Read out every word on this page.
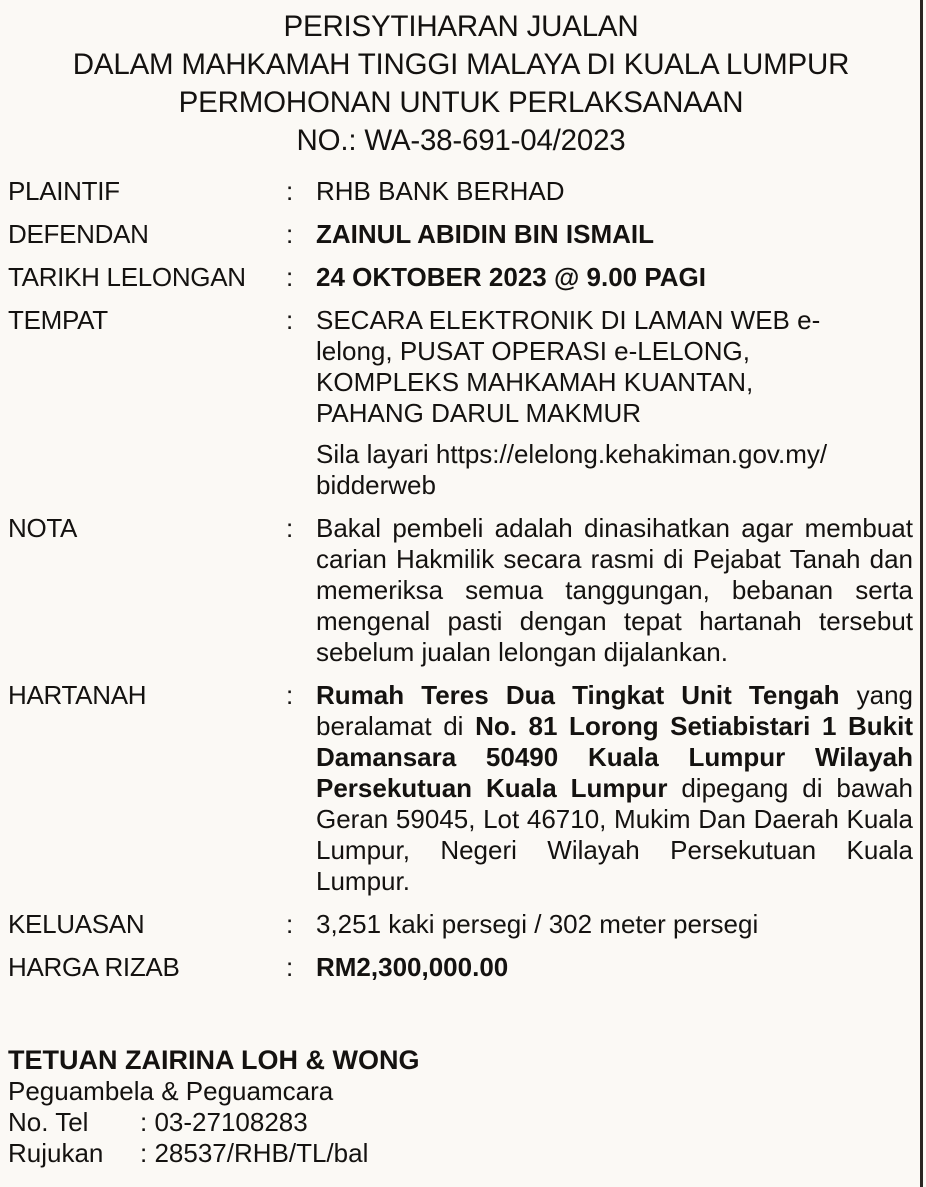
PERISYTIHARAN JUALAN
DALAM MAHKAMAH TINGGI MALAYA DI KUALA LUMPUR
PERMOHONAN UNTUK PERLAKSANAAN
NO.: WA-38-691-04/2023
PLAINTIF	: RHB BANK BERHAD
DEFENDAN	: ZAINUL ABIDIN BIN ISMAIL
TARIKH LELONGAN	: 24 OKTOBER 2023 @ 9.00 PAGI
TEMPAT	: SECARA ELEKTRONIK DI LAMAN WEB e-lelong, PUSAT OPERASI e-LELONG, KOMPLEKS MAHKAMAH KUANTAN, PAHANG DARUL MAKMUR
Sila layari https://elelong.kehakiman.gov.my/ bidderweb
NOTA	: Bakal pembeli adalah dinasihatkan agar membuat carian Hakmilik secara rasmi di Pejabat Tanah dan memeriksa semua tanggungan, bebanan serta mengenal pasti dengan tepat hartanah tersebut sebelum jualan lelongan dijalankan.
HARTANAH	: Rumah Teres Dua Tingkat Unit Tengah yang beralamat di No. 81 Lorong Setiabistari 1 Bukit Damansara 50490 Kuala Lumpur Wilayah Persekutuan Kuala Lumpur dipegang di bawah Geran 59045, Lot 46710, Mukim Dan Daerah Kuala Lumpur, Negeri Wilayah Persekutuan Kuala Lumpur.
KELUASAN	: 3,251 kaki persegi / 302 meter persegi
HARGA RIZAB	: RM2,300,000.00
TETUAN ZAIRINA LOH & WONG
Peguambela & Peguamcara
No. Tel	: 03-27108283
Rujukan	: 28537/RHB/TL/bal
